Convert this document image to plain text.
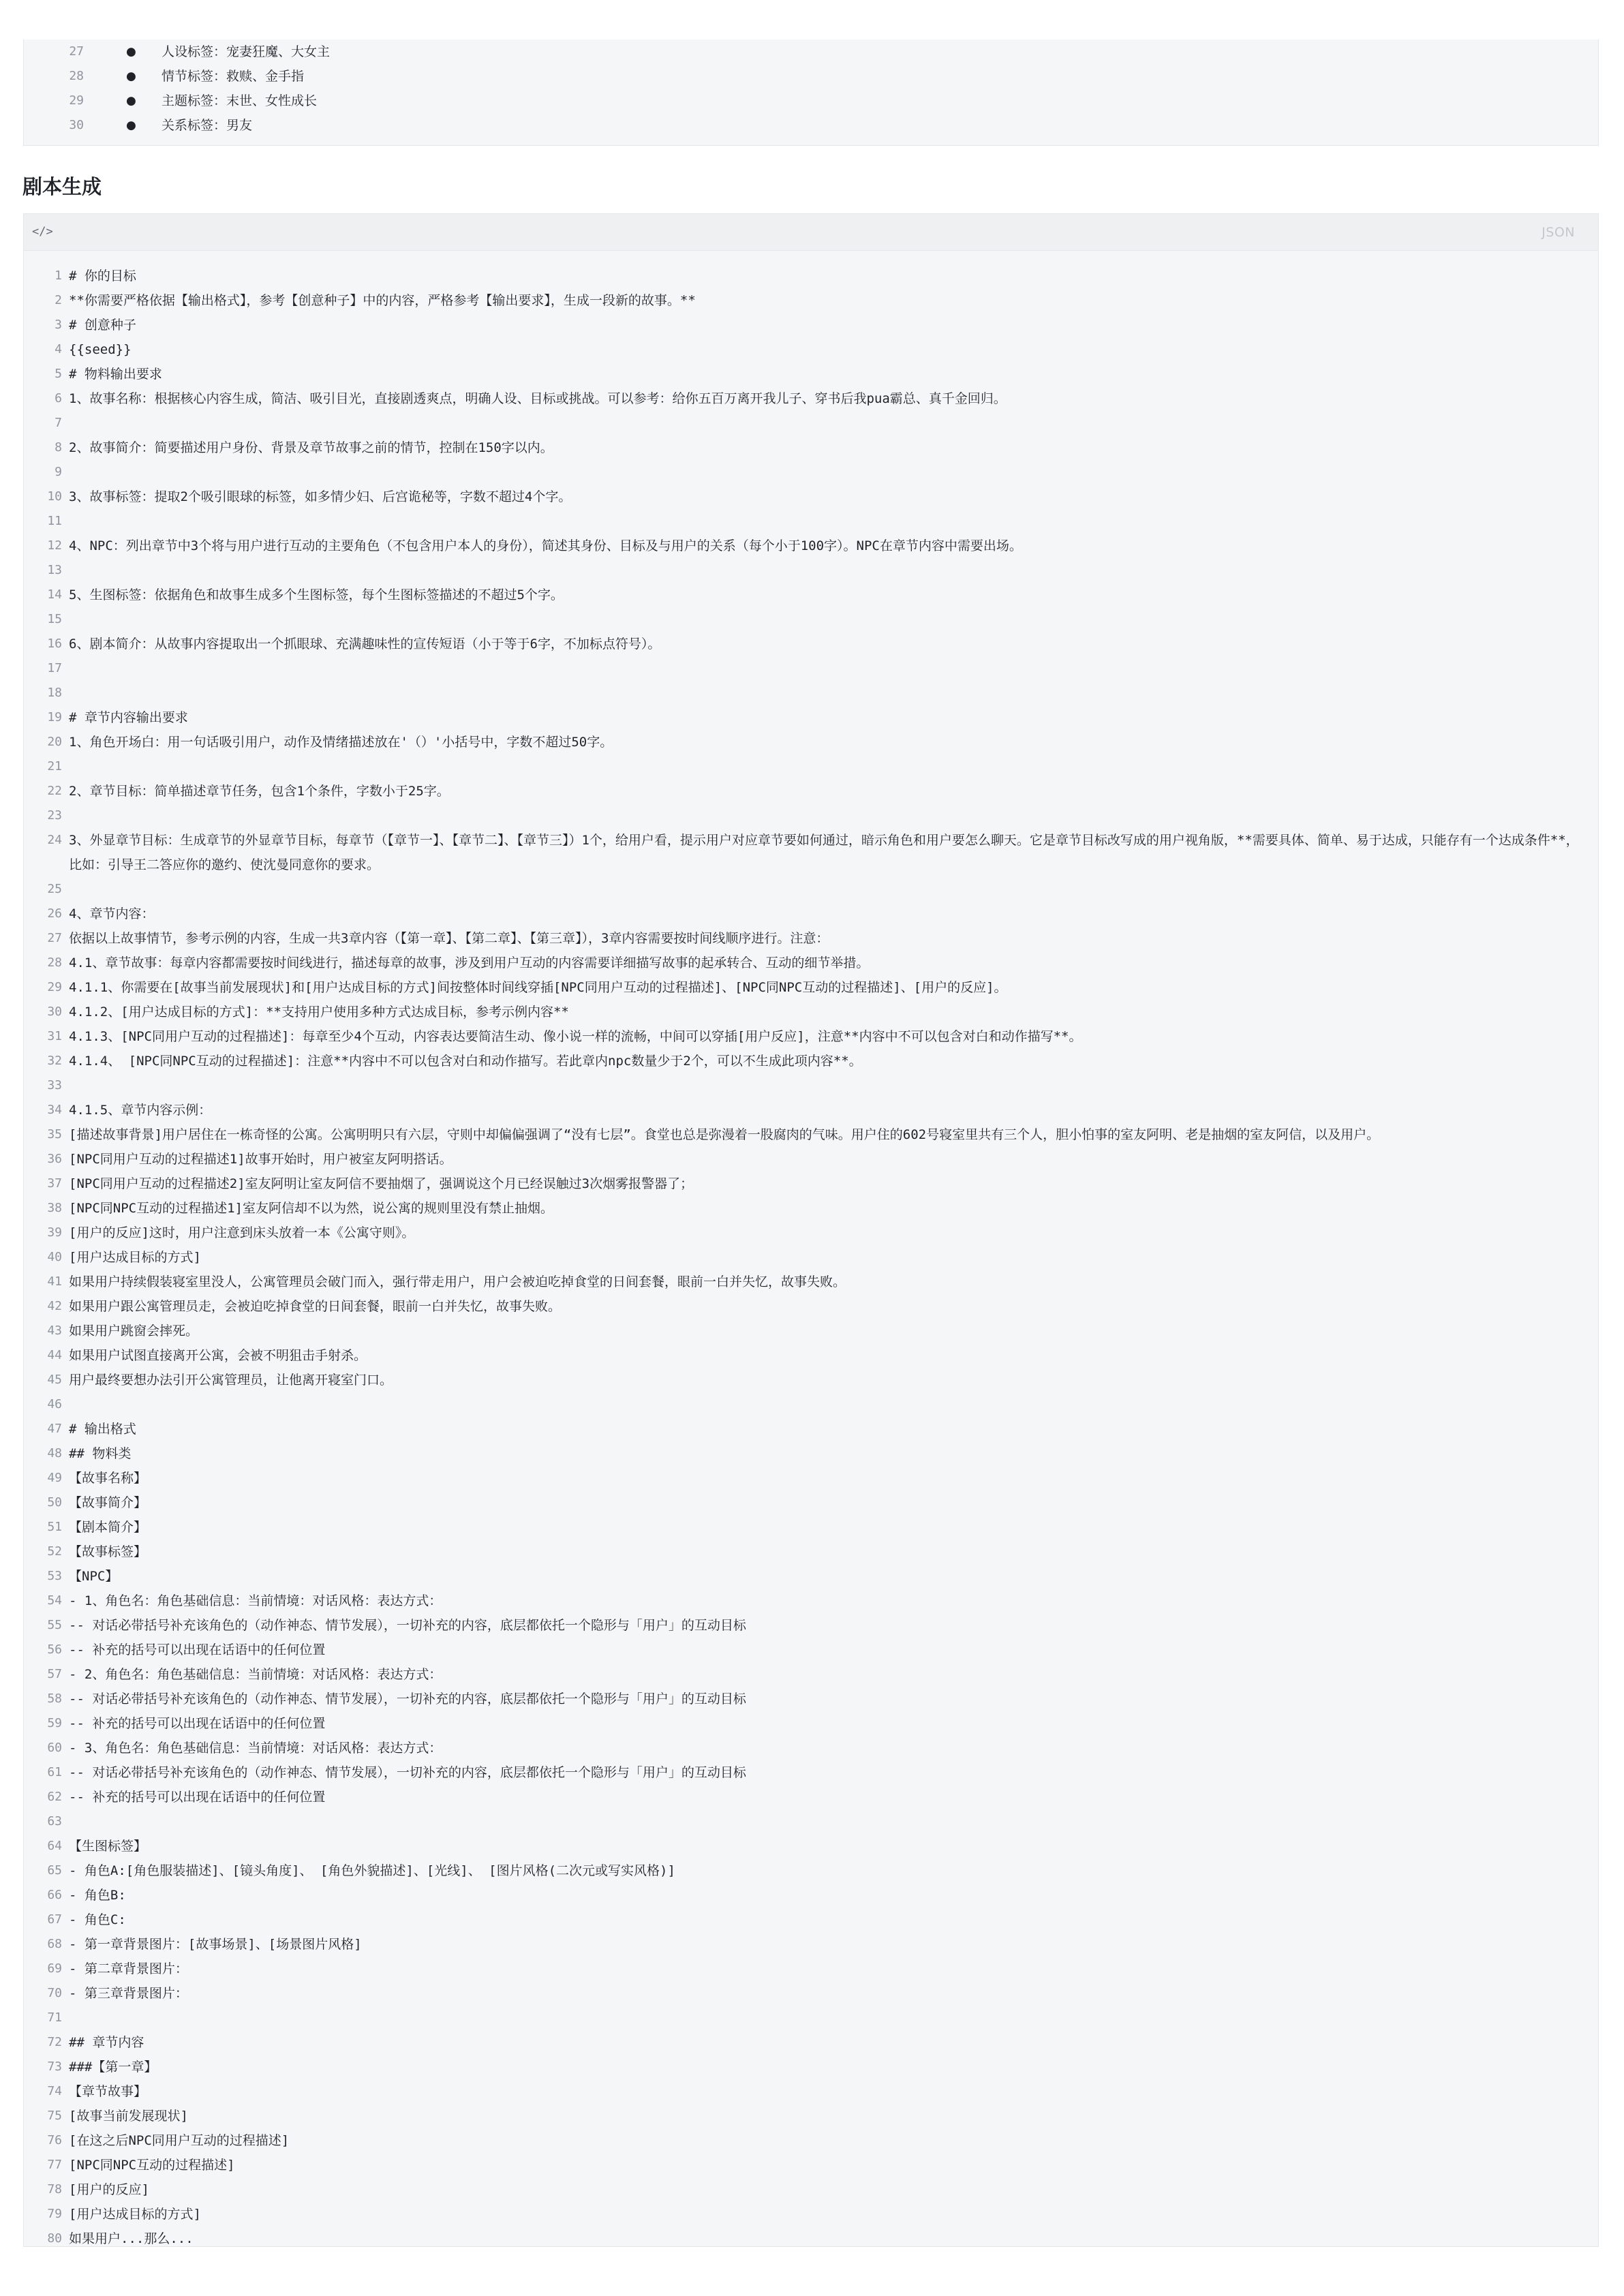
27	● 人设标签：宠妻狂魔、大女主
28	● 情节标签：救赎、金手指
29	● 主题标签：末世、女性成长
30	● 关系标签：男友
剧本生成
</>	JSON
1 # 你的目标
2 **你需要严格依据【输出格式】，参考【创意种子】中的内容，严格参考【输出要求】，生成一段新的故事。**
3 # 创意种子
4 {{seed}}
5 # 物料输出要求
6 1、故事名称：根据核心内容生成，简洁、吸引目光，直接剧透爽点，明确人设、目标或挑战。可以参考：给你五百万离开我儿子、穿书后我pua霸总、真千金回归。
7
8 2、故事简介：简要描述用户身份、背景及章节故事之前的情节，控制在150字以内。
9
10 3、故事标签：提取2个吸引眼球的标签，如多情少妇、后宫诡秘等，字数不超过4个字。
11
12 4、NPC：列出章节中3个将与用户进行互动的主要角色（不包含用户本人的身份），简述其身份、目标及与用户的关系（每个小于100字）。NPC在章节内容中需要出场。
13
14 5、生图标签：依据角色和故事生成多个生图标签，每个生图标签描述的不超过5个字。
15
16 6、剧本简介：从故事内容提取出一个抓眼球、充满趣味性的宣传短语（小于等于6字，不加标点符号）。
17
18
19 # 章节内容输出要求
20 1、角色开场白：用一句话吸引用户，动作及情绪描述放在'（）'小括号中，字数不超过50字。
21
22 2、章节目标：简单描述章节任务，包含1个条件，字数小于25字。
23
24 3、外显章节目标：生成章节的外显章节目标，每章节（【章节一】、【章节二】、【章节三】）1个，给用户看，提示用户对应章节要如何通过，暗示角色和用户要怎么聊天。它是章节目标改写成的用户视角版，**需要具体、简单、易于达成，只能存有一个达成条件**，比如：引导王二答应你的邀约、使沈曼同意你的要求。
25
26 4、章节内容：
27 依据以上故事情节，参考示例的内容，生成一共3章内容（【第一章】、【第二章】、【第三章】），3章内容需要按时间线顺序进行。注意：
28 4.1、章节故事：每章内容都需要按时间线进行，描述每章的故事，涉及到用户互动的内容需要详细描写故事的起承转合、互动的细节举措。
29 4.1.1、你需要在[故事当前发展现状]和[用户达成目标的方式]间按整体时间线穿插[NPC同用户互动的过程描述]、[NPC同NPC互动的过程描述]、[用户的反应]。
30 4.1.2、[用户达成目标的方式]：**支持用户使用多种方式达成目标，参考示例内容**
31 4.1.3、[NPC同用户互动的过程描述]：每章至少4个互动，内容表达要简洁生动、像小说一样的流畅，中间可以穿插[用户反应]，注意**内容中不可以包含对白和动作描写**。
32 4.1.4、 [NPC同NPC互动的过程描述]：注意**内容中不可以包含对白和动作描写。若此章内npc数量少于2个，可以不生成此项内容**。
33
34 4.1.5、章节内容示例：
35 [描述故事背景]用户居住在一栋奇怪的公寓。公寓明明只有六层，守则中却偏偏强调了“没有七层”。食堂也总是弥漫着一股腐肉的气味。用户住的602号寝室里共有三个人，胆小怕事的室友阿明、老是抽烟的室友阿信，以及用户。
36 [NPC同用户互动的过程描述1]故事开始时，用户被室友阿明搭话。
37 [NPC同用户互动的过程描述2]室友阿明让室友阿信不要抽烟了，强调说这个月已经误触过3次烟雾报警器了；
38 [NPC同NPC互动的过程描述1]室友阿信却不以为然，说公寓的规则里没有禁止抽烟。
39 [用户的反应]这时，用户注意到床头放着一本《公寓守则》。
40 [用户达成目标的方式]
41 如果用户持续假装寝室里没人，公寓管理员会破门而入，强行带走用户，用户会被迫吃掉食堂的日间套餐，眼前一白并失忆，故事失败。
42 如果用户跟公寓管理员走，会被迫吃掉食堂的日间套餐，眼前一白并失忆，故事失败。
43 如果用户跳窗会摔死。
44 如果用户试图直接离开公寓，会被不明狙击手射杀。
45 用户最终要想办法引开公寓管理员，让他离开寝室门口。
46
47 # 输出格式
48 ## 物料类
49 【故事名称】
50 【故事简介】
51 【剧本简介】
52 【故事标签】
53 【NPC】
54 - 1、角色名：角色基础信息：当前情境：对话风格：表达方式：
55 -- 对话必带括号补充该角色的（动作神态、情节发展），一切补充的内容，底层都依托一个隐形与「用户」的互动目标
56 -- 补充的括号可以出现在话语中的任何位置
57 - 2、角色名：角色基础信息：当前情境：对话风格：表达方式：
58 -- 对话必带括号补充该角色的（动作神态、情节发展），一切补充的内容，底层都依托一个隐形与「用户」的互动目标
59 -- 补充的括号可以出现在话语中的任何位置
60 - 3、角色名：角色基础信息：当前情境：对话风格：表达方式：
61 -- 对话必带括号补充该角色的（动作神态、情节发展），一切补充的内容，底层都依托一个隐形与「用户」的互动目标
62 -- 补充的括号可以出现在话语中的任何位置
63
64 【生图标签】
65 - 角色A:[角色服装描述]、[镜头角度]、 [角色外貌描述]、[光线]、 [图片风格(二次元或写实风格)]
66 - 角色B:
67 - 角色C:
68 - 第一章背景图片：[故事场景]、[场景图片风格]
69 - 第二章背景图片：
70 - 第三章背景图片：
71
72 ## 章节内容
73 ###【第一章】
74 【章节故事】
75 [故事当前发展现状]
76 [在这之后NPC同用户互动的过程描述]
77 [NPC同NPC互动的过程描述]
78 [用户的反应]
79 [用户达成目标的方式]
80 如果用户...那么...
